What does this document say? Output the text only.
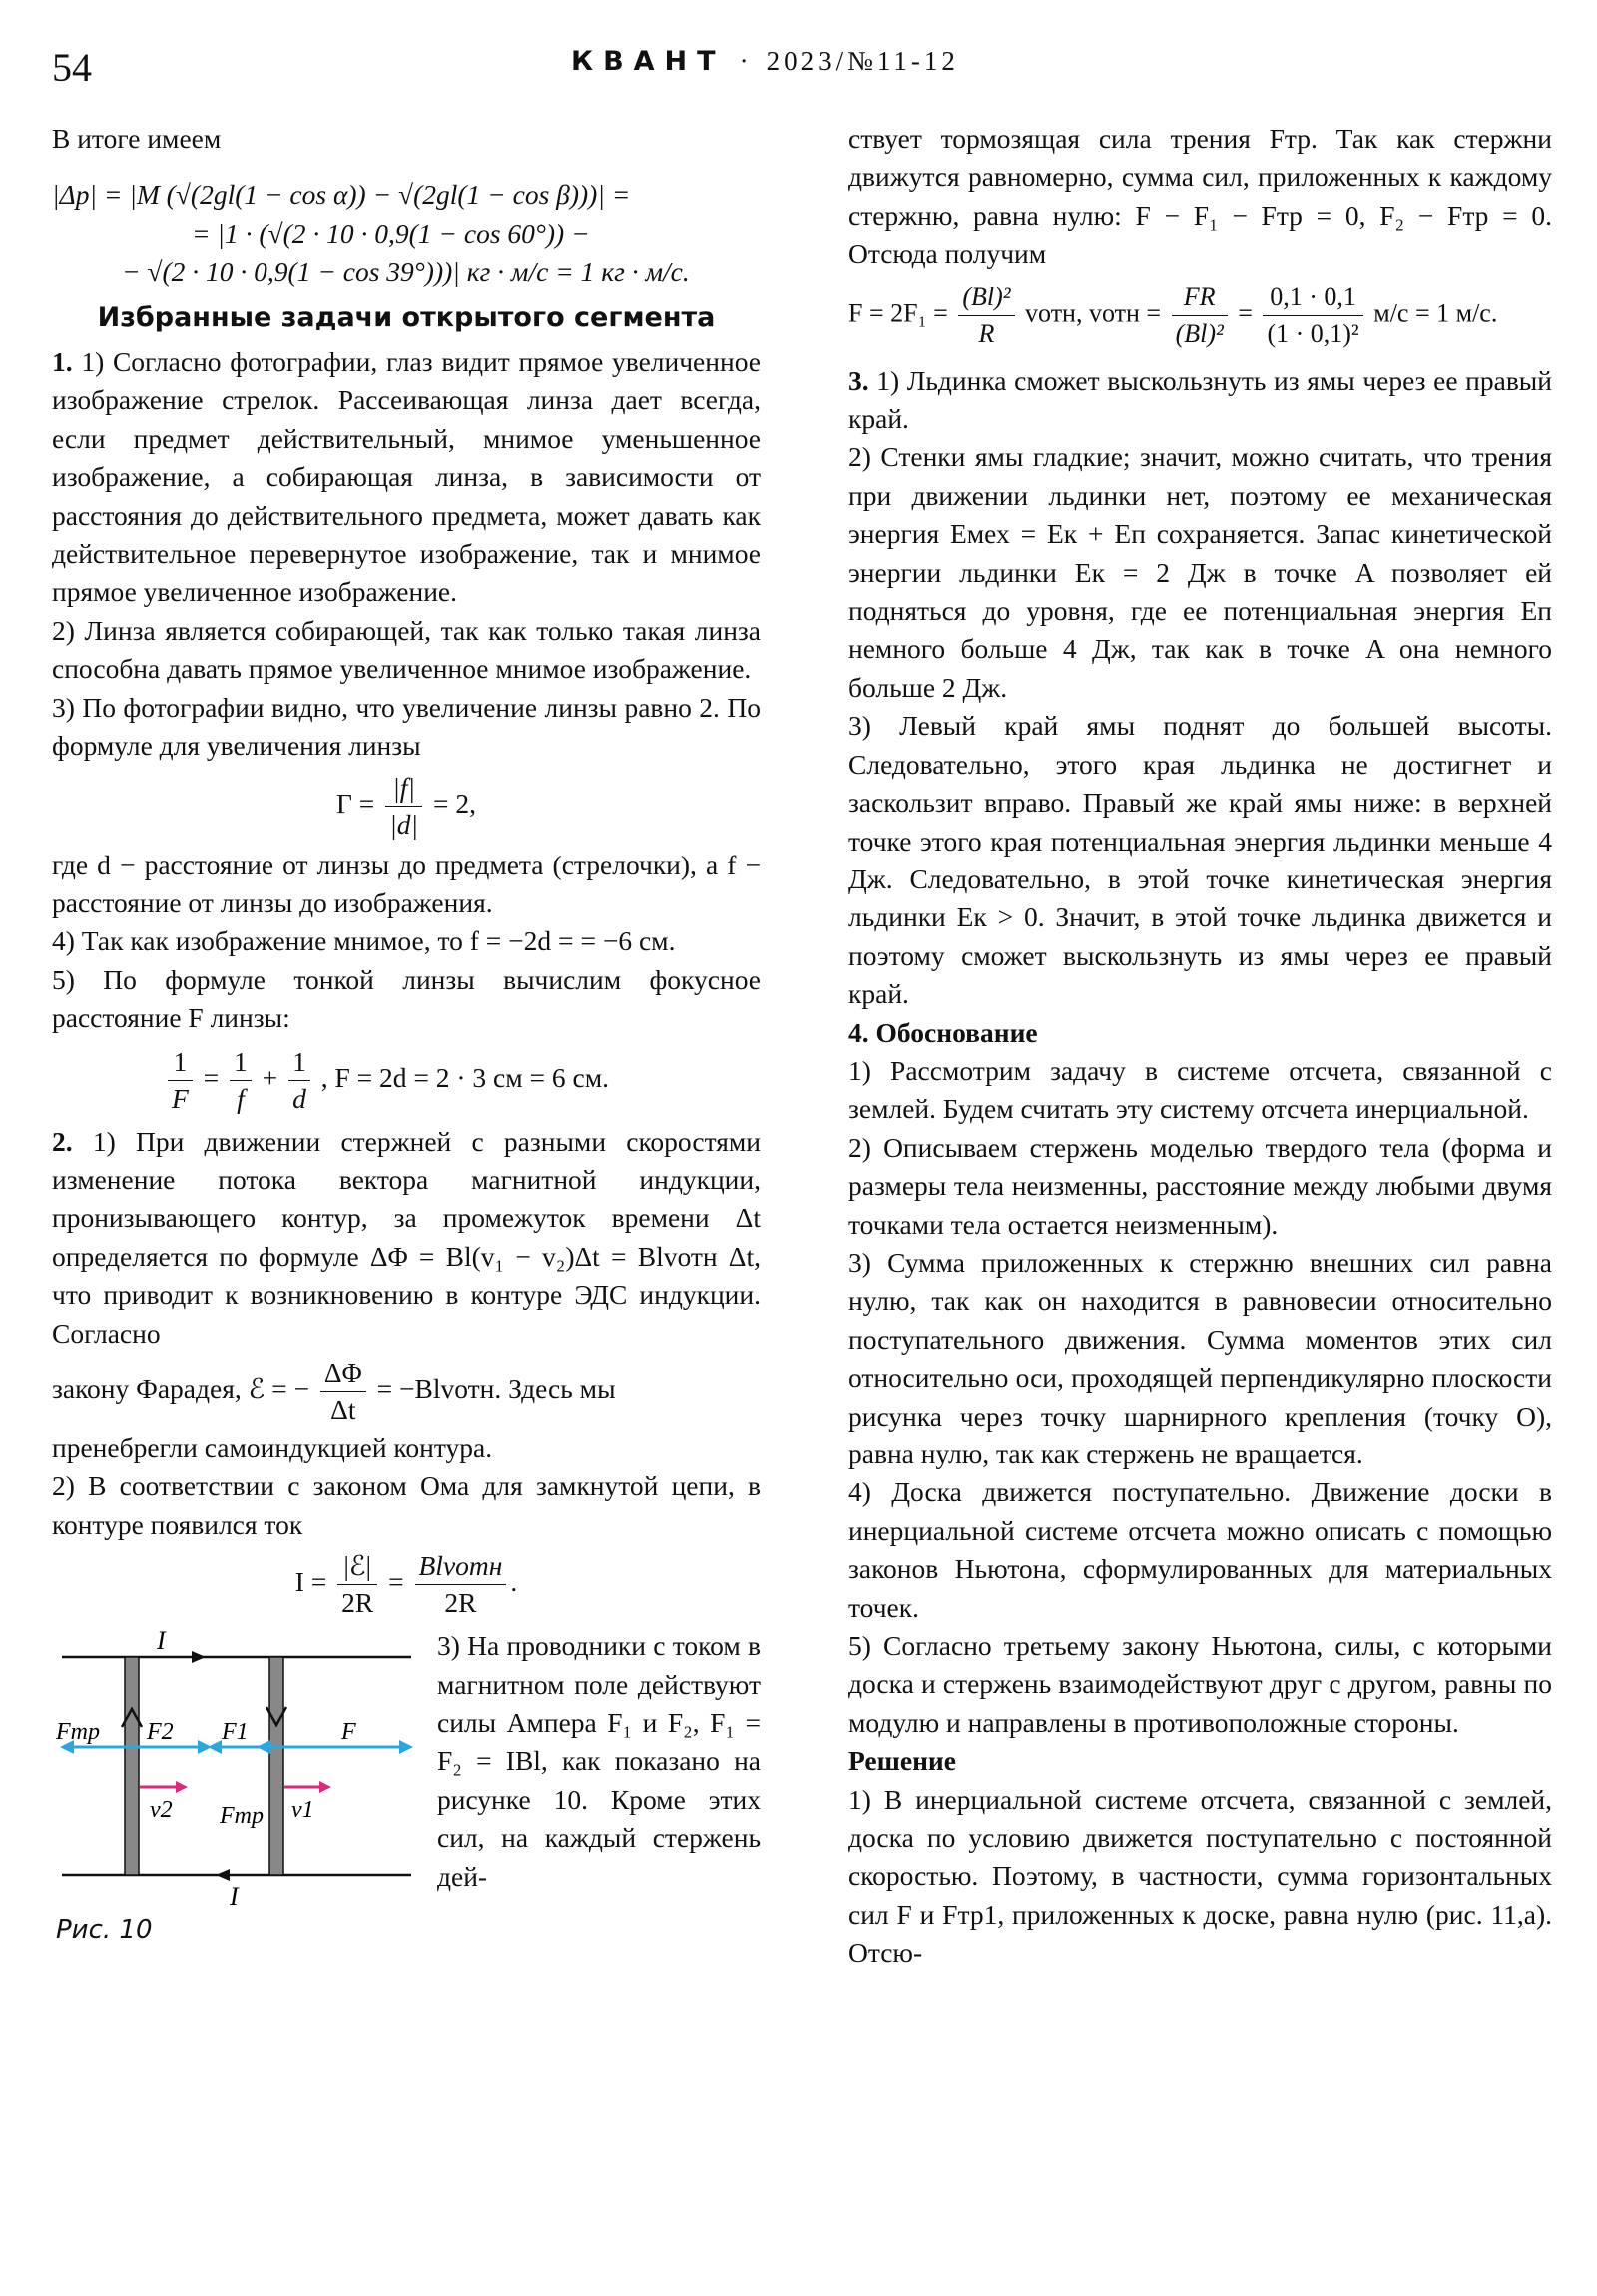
54	КВАНТ · 2023/№11-12

В итоге имеем

|Δp| = |M (√(2gl(1 − cos α)) − √(2gl(1 − cos β)))| =

= |1 · (√(2 · 10 · 0,9(1 − cos 60°)) −

− √(2 · 10 · 0,9(1 − cos 39°)))| кг · м/с = 1 кг · м/с.

Избранные задачи открытого сегмента

1. 1) Согласно фотографии, глаз видит прямое увеличенное изображение стрелок. Рассеивающая линза дает всегда, если предмет действительный, мнимое уменьшенное изображение, а собирающая линза, в зависимости от расстояния до действительного предмета, может давать как действительное перевернутое изображение, так и мнимое прямое увеличенное изображение.

2) Линза является собирающей, так как только такая линза способна давать прямое увеличенное мнимое изображение.

3) По фотографии видно, что увеличение линзы равно 2. По формуле для увеличения линзы

$\Gamma = \frac{|f|}{|d|} = 2$,

где d − расстояние от линзы до предмета (стрелочки), а f − расстояние от линзы до изображения.

4) Так как изображение мнимое, то f = −2d = = −6 см.

5) По формуле тонкой линзы вычислим фокусное расстояние F линзы:

$\frac{1}{F} = \frac{1}{f} + \frac{1}{d}$ , F = 2d = 2 · 3 см = 6 см.

2. 1) При движении стержней с разными скоростями изменение потока вектора магнитной индукции, пронизывающего контур, за промежуток времени Δt определяется по формуле ΔΦ = Bl(v₁ − v₂)Δt = Blvотн Δt, что приводит к возникновению в контуре ЭДС индукции. Согласно

закону Фарадея, ℰ = − $\frac{\Delta\Phi}{\Delta t}$ = −Blvотн. Здесь мы

пренебрегли самоиндукцией контура.

2) В соответствии с законом Ома для замкнутой цепи, в контуре появился ток

$I = \frac{\text{|ℰ|}}{2R} = \frac{\text{Blvотн}}{2R}$ .
I
I
Fтр F2 F1	F
v2 Fтр v1
Рис. 10

3) На проводники с током в магнитном поле действуют силы Ампера F₁ и F₂, F₁ = F₂ = IBl, как показано на рисунке 10. Кроме этих сил, на каждый стержень дей-

ствует тормозящая сила трения Fтр. Так как стержни движутся равномерно, сумма сил, приложенных к каждому стержню, равна нулю: F − F₁ − Fтр = 0, F₂ − Fтр = 0. Отсюда получим

$F = 2F_1 = \frac{\text{(Bl)²}}{R}$ vотн, vотн = $\frac{FR}{\text{(Bl)²}} = \frac{0,1 \cdot 0,1}{\text{(1 · 0,1)²}} м/с = 1$ м/с.

3. 1) Льдинка сможет выскользнуть из ямы через ее правый край.

2) Стенки ямы гладкие; значит, можно считать, что трения при движении льдинки нет, поэтому ее механическая энергия Eмех = Eк + Eп сохраняется. Запас кинетической энергии льдинки Eк = 2 Дж в точке A позволяет ей подняться до уровня, где ее потенциальная энергия Eп немного больше 4 Дж, так как в точке A она немного больше 2 Дж.

3) Левый край ямы поднят до большей высоты. Следовательно, этого края льдинка не достигнет и заскользит вправо. Правый же край ямы ниже: в верхней точке этого края потенциальная энергия льдинки меньше 4 Дж. Следовательно, в этой точке кинетическая энергия льдинки Eк > 0. Значит, в этой точке льдинка движется и поэтому сможет выскользнуть из ямы через ее правый край.

4. Обоснование

1) Рассмотрим задачу в системе отсчета, связанной с землей. Будем считать эту систему отсчета инерциальной.

2) Описываем стержень моделью твердого тела (форма и размеры тела неизменны, расстояние между любыми двумя точками тела остается неизменным).

3) Сумма приложенных к стержню внешних сил равна нулю, так как он находится в равновесии относительно поступательного движения. Сумма моментов этих сил относительно оси, проходящей перпендикулярно плоскости рисунка через точку шарнирного крепления (точку O), равна нулю, так как стержень не вращается.

4) Доска движется поступательно. Движение доски в инерциальной системе отсчета можно описать с помощью законов Ньютона, сформулированных для материальных точек.

5) Согласно третьему закону Ньютона, силы, с которыми доска и стержень взаимодействуют друг с другом, равны по модулю и направлены в противоположные стороны.

Решение

1) В инерциальной системе отсчета, связанной с землей, доска по условию движется поступательно с постоянной скоростью. Поэтому, в частности, сумма горизонтальных сил F и Fтр1, приложенных к доске, равна нулю (рис. 11,а). Отсю-
